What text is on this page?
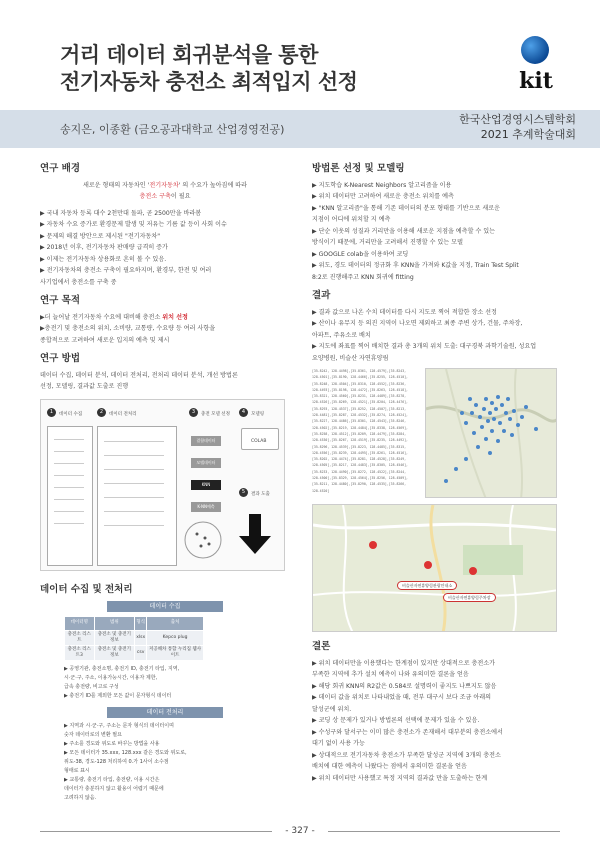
거리 데이터 회귀분석을 통한
전기자동차 충전소 최적입지 선정	kit
송지은, 이종환 (금오공과대학교 산업경영전공)
한국산업경영시스템학회
2021 추계학술대회
연구 배경
새로운 형태의 자동차인 '전기자동차' 의 수요가 높아짐에 따라
충전소 구축이 필요
▶ 국내 자동차 등록 대수 2천만대 돌파, 곧 2500만을 바라봄
▶ 자동차 수요 증가로 환경문제 발생 및 저유는 기름 값 등이 사회 이슈
▶ 문제의 해결 방안으로 제시된 "전기자동차"
▶ 2018년 이후, 전기자동차 판매량 급격히 증가
▶ 이제는 전기자동차 상용화로 흔히 볼 수 있음.
▶ 전기자동차의 충전소 구축이 필요하지며, 환경부, 한전 및 여러
사기업에서 충전소를 구축 중
연구 목적
▶더 늘어날 전기자동차 수요에 대비해 충전소 위치 선정
▶충전기 및 충전소의 위치, 소비량, 교통량, 수요량 등 여러 사항을
종합적으로 고려하여 새로운 입지의 예측 및 제시
연구 방법
데이터 수집, 데이터 분석, 데이터 전처리, 전처리 데이터 분석, 개선 방법론
선정, 모델링, 결과값 도출로 진행
1	데이터 수집	2	데이터 전처리	3	충전 모델 선정	4	모델링
결합데이터
모델데이터
KNN
K-NN예측
COLAB
5	결과 도출
데이터 수집 및 전처리
데이터 수집
데이터명	범위	형식	출처
충전소 리스트	충전소 및 충전기 정보	xlsx	Kepco plug
충전소 리스트3	충전소 및 충전기 정보	csv	저공해차 통합 누리집 웹사이트
▶ 공영기관, 충전소명, 충전기 ID, 충전기 타입, 지역,
시·군·구, 주소, 이용가능시간, 이용자 제한,
급속 충전량, 비고로 구성
▶ 충전기 ID를 제외한 모든 값이 문자형식 데이터
데이터 전처리
▶ 지역과 시·군·구, 주소는 문자 형식의 데이터이며
숫자 데이터로의 변환 필요
▶ 주소를 경도와 위도로 바꾸는 방법을 사용
▶ 모든 데이터가 35.xxx, 128.xxx 같은 경도와 위도로,
위도-38, 경도-128 처리하여 0.가 1사이 소수점
형태로 표시
▶ 교통량, 충전기 타입, 충전량, 이용 시간은
데이터가 충분하지 않고 활용이 어렵기 때문에
고려하지 않음.
방법론 선정 및 모델링
▶ 지도학습 K-Nearest Neighbors 알고리즘을 이용
▶ 위치 데이터만 고려하여 새로운 충전소 위치를 예측
▶ "KNN 알고리즘"을 통해 기존 데이터의 분포 형태를 기반으로 새로운
지점이 어디에 위치할 지 예측
▶ 단순 이웃의 성질과 거리만을 이용해 새로운 지점을 예측할 수 있는
방식이기 때문에, 거리만을 고려해서 진행할 수 있는 모델
▶ GOOGLE colab을 이용하여 코딩
▶ 위도, 경도 데이터의 정규화 후 KNN을 가져와 K값을 지정, Train Test Split
8:2로 진행해주고 KNN 회귀에 fitting
결과
▶ 결과 값으로 나온 수치 데이터를 다시 지도로 찍어 적합한 장소 선정
▶ 산이나 유무지 등 의진 지역이 나오면 제외하고 최종 주변 상가, 건물, 주차장,
아파트, 주유소로 배치
▶ 지도에 좌표를 찍어 배치한 결과 총 3개의 위치 도출: 대구경북 과학기술원, 성요업
요양병원, 비슬산 자연휴양림
[35.8242, 128.4498],[35.8361, 128.4579],[35.8243, 128.4501],[35.8190, 128.4466],[35.8255, 128.4510],[35.8248, 128.4504],[35.8310, 128.4552],[35.8236, 128.4493],[35.8198, 128.4472],[35.8263, 128.4518],[35.8321, 128.4560],[35.8231, 128.4489],[35.8278, 128.4526],[35.8269, 128.4521],[35.8204, 128.4476],[35.8293, 128.4537],[35.8252, 128.4507],[35.8213, 128.4481],[35.8287, 128.4532],[35.8274, 128.4524],[35.8227, 128.4486],[35.8301, 128.4543],[35.8246, 128.4502],[35.8219, 128.4484],[35.8338, 128.4569],[35.8258, 128.4512],[35.8209, 128.4479],[35.8284, 128.4530],[35.8267, 128.4519],[35.8235, 128.4492],[35.8296, 128.4539],[35.8223, 128.4485],[35.8315, 128.4556],[35.8239, 128.4495],[35.8261, 128.4516],[35.8202, 128.4474],[35.8281, 128.4528],[35.8249, 128.4505],[35.8217, 128.4483],[35.8305, 128.4546],[35.8233, 128.4490],[35.8272, 128.4522],[35.8244, 128.4500],[35.8329, 128.4564],[35.8256, 128.4509],[35.8211, 128.4480],[35.8290, 128.4535],[35.8266, 128.4520]
비슬산자연휴양림관광안내소
비슬산자연휴양림주차장
결론
▶ 위치 데이터만을 이용했다는 한계점이 있지만 상대적으로 충전소가
부족한 지역에 추가 설치 예측이 나와 유의미한 결론을 얻음
▶ 해당 회귀 KNN의 R2값은 0.584로 설명력이 좋지도 나쁘지도 않음
▶ 데이터 값을 위치로 나타내었을 때, 전부 대구시 보다 조금 아래의
달성군에 위치.
▶ 코딩 상 문제가 있거나 방법론의 선택에 문제가 있을 수 있음.
▶ 수성구와 달서구는 이미 많은 충전소가 존재해서 대부분의 충전소에서
대기 없이 사용 가능
▶ 상대적으로 전기자동차 충전소가 부족한 달성군 지역에 3개의 충전소
배치에 대한 예측이 나왔다는 점에서 유의미한 결론을 얻음
▶ 위치 데이터만 사용했고 특정 지역의 결과값 만을 도출하는 한계
- 327 -
